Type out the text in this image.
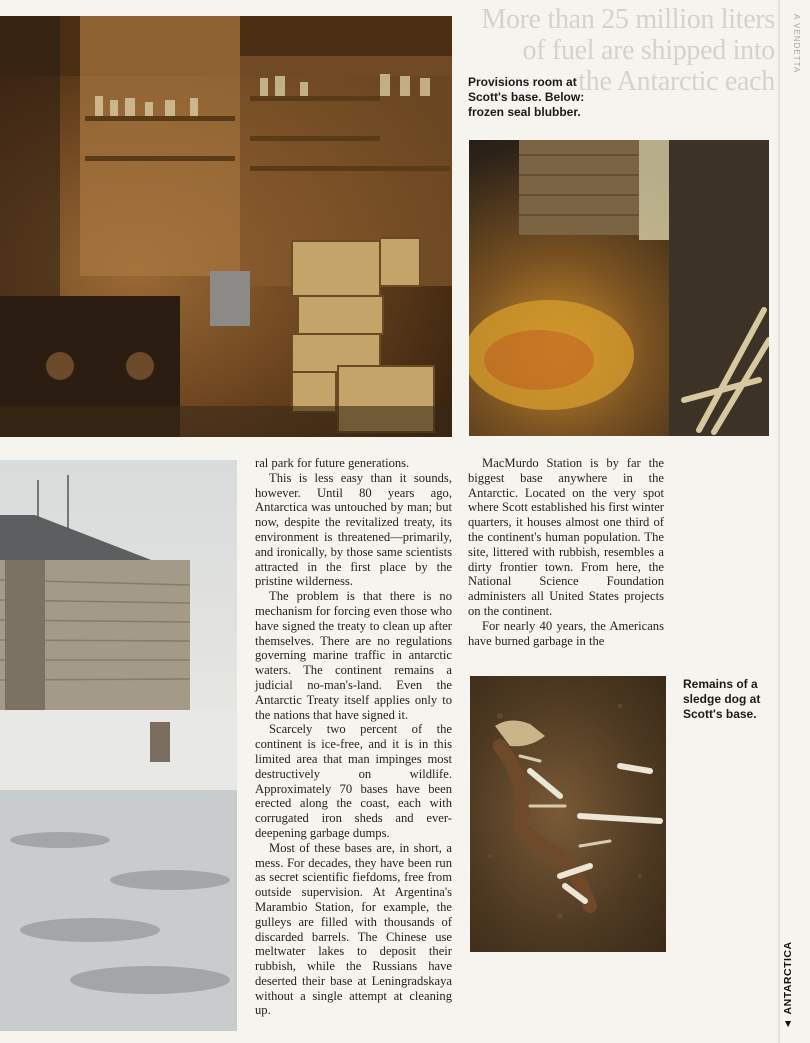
More than 25 million liters
of fuel are shipped into
the Antarctic each
A VENDETTA
Provisions room at Scott's base. Below: frozen seal blubber.

ral park for future generations.

This is less easy than it sounds, however. Until 80 years ago, Antarctica was untouched by man; but now, despite the revitalized treaty, its environment is threatened—primarily, and ironically, by those same scientists attracted in the first place by the pristine wilderness.

The problem is that there is no mechanism for forcing even those who have signed the treaty to clean up after themselves. There are no regulations governing marine traffic in antarctic waters. The continent remains a judicial no-man's-land. Even the Antarctic Treaty itself applies only to the nations that have signed it.

Scarcely two percent of the continent is ice-free, and it is in this limited area that man impinges most destructively on wildlife. Approximately 70 bases have been erected along the coast, each with corrugated iron sheds and ever-deepening garbage dumps.

Most of these bases are, in short, a mess. For decades, they have been run as secret scientific fiefdoms, free from outside supervision. At Argentina's Marambio Station, for example, the gulleys are filled with thousands of discarded barrels. The Chinese use meltwater lakes to deposit their rubbish, while the Russians have deserted their base at Leningradskaya without a single attempt at cleaning up.

MacMurdo Station is by far the biggest base anywhere in the Antarctic. Located on the very spot where Scott established his first winter quarters, it houses almost one third of the continent's human population. The site, littered with rubbish, resembles a dirty frontier town. From here, the National Science Foundation administers all United States projects on the continent.

For nearly 40 years, the Americans have burned garbage in the

Remains of a sledge dog at Scott's base.
▲ ANTARCTICA
